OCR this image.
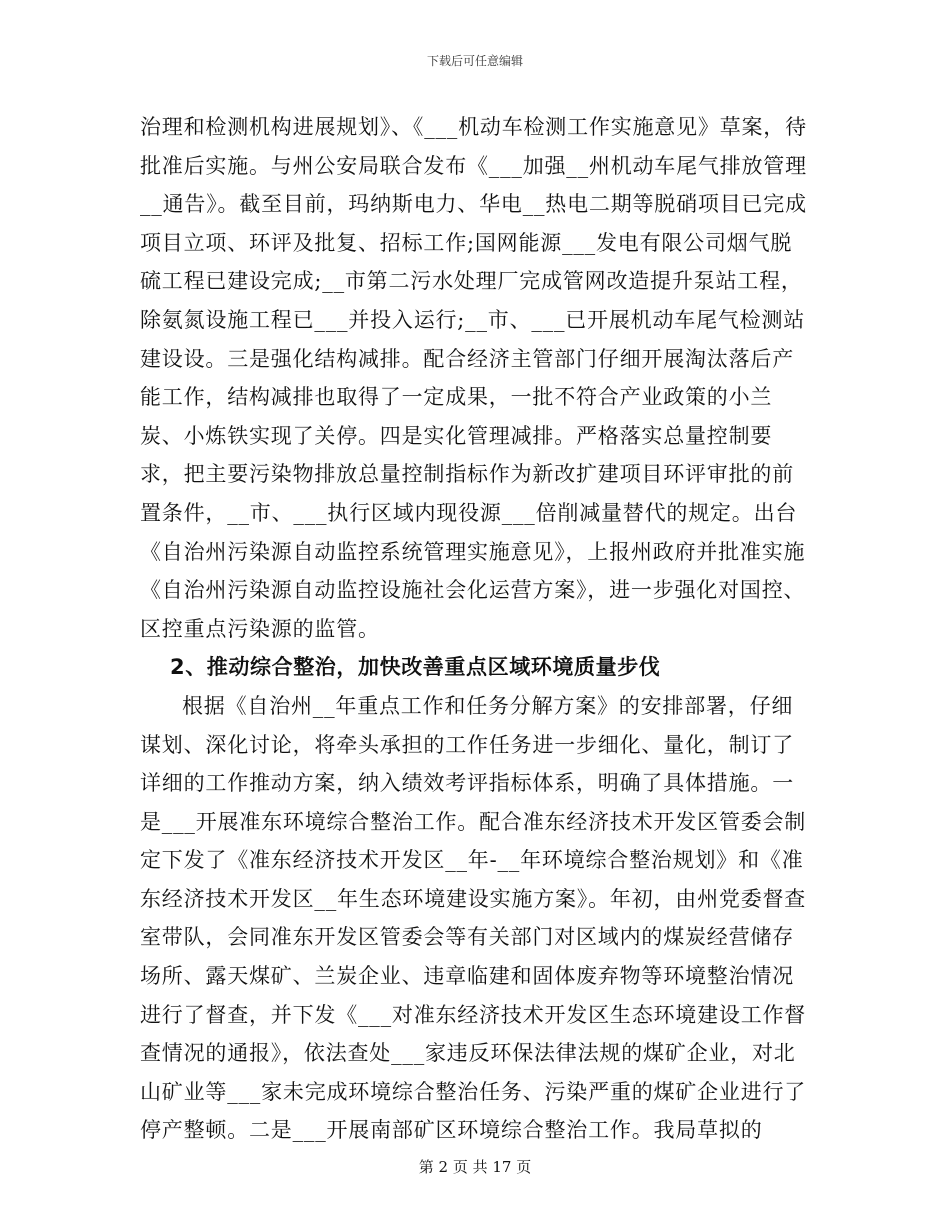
下载后可任意编辑

治理和检测机构进展规划》、《___机动车检测工作实施意见》草案，待批准后实施。与州公安局联合发布《___加强__州机动车尾气排放管理__通告》。截至目前，玛纳斯电力、华电__热电二期等脱硝项目已完成项目立项、环评及批复、招标工作;国网能源___发电有限公司烟气脱硫工程已建设完成;__市第二污水处理厂完成管网改造提升泵站工程，除氨氮设施工程已___并投入运行;__市、___已开展机动车尾气检测站建设设。三是强化结构减排。配合经济主管部门仔细开展淘汰落后产能工作，结构减排也取得了一定成果，一批不符合产业政策的小兰炭、小炼铁实现了关停。四是实化管理减排。严格落实总量控制要求，把主要污染物排放总量控制指标作为新改扩建项目环评审批的前置条件，__市、___执行区域内现役源___倍削减量替代的规定。出台《自治州污染源自动监控系统管理实施意见》，上报州政府并批准实施《自治州污染源自动监控设施社会化运营方案》，进一步强化对国控、区控重点污染源的监管。

2、推动综合整治，加快改善重点区域环境质量步伐

根据《自治州__年重点工作和任务分解方案》的安排部署，仔细谋划、深化讨论，将牵头承担的工作任务进一步细化、量化，制订了详细的工作推动方案，纳入绩效考评指标体系，明确了具体措施。一是___开展准东环境综合整治工作。配合准东经济技术开发区管委会制定下发了《准东经济技术开发区__年-__年环境综合整治规划》和《准东经济技术开发区__年生态环境建设实施方案》。年初，由州党委督查室带队，会同准东开发区管委会等有关部门对区域内的煤炭经营储存场所、露天煤矿、兰炭企业、违章临建和固体废弃物等环境整治情况进行了督查，并下发《___对准东经济技术开发区生态环境建设工作督查情况的通报》，依法查处___家违反环保法律法规的煤矿企业，对北山矿业等___家未完成环境综合整治任务、污染严重的煤矿企业进行了停产整顿。二是___开展南部矿区环境综合整治工作。我局草拟的

第 2 页 共 17 页
